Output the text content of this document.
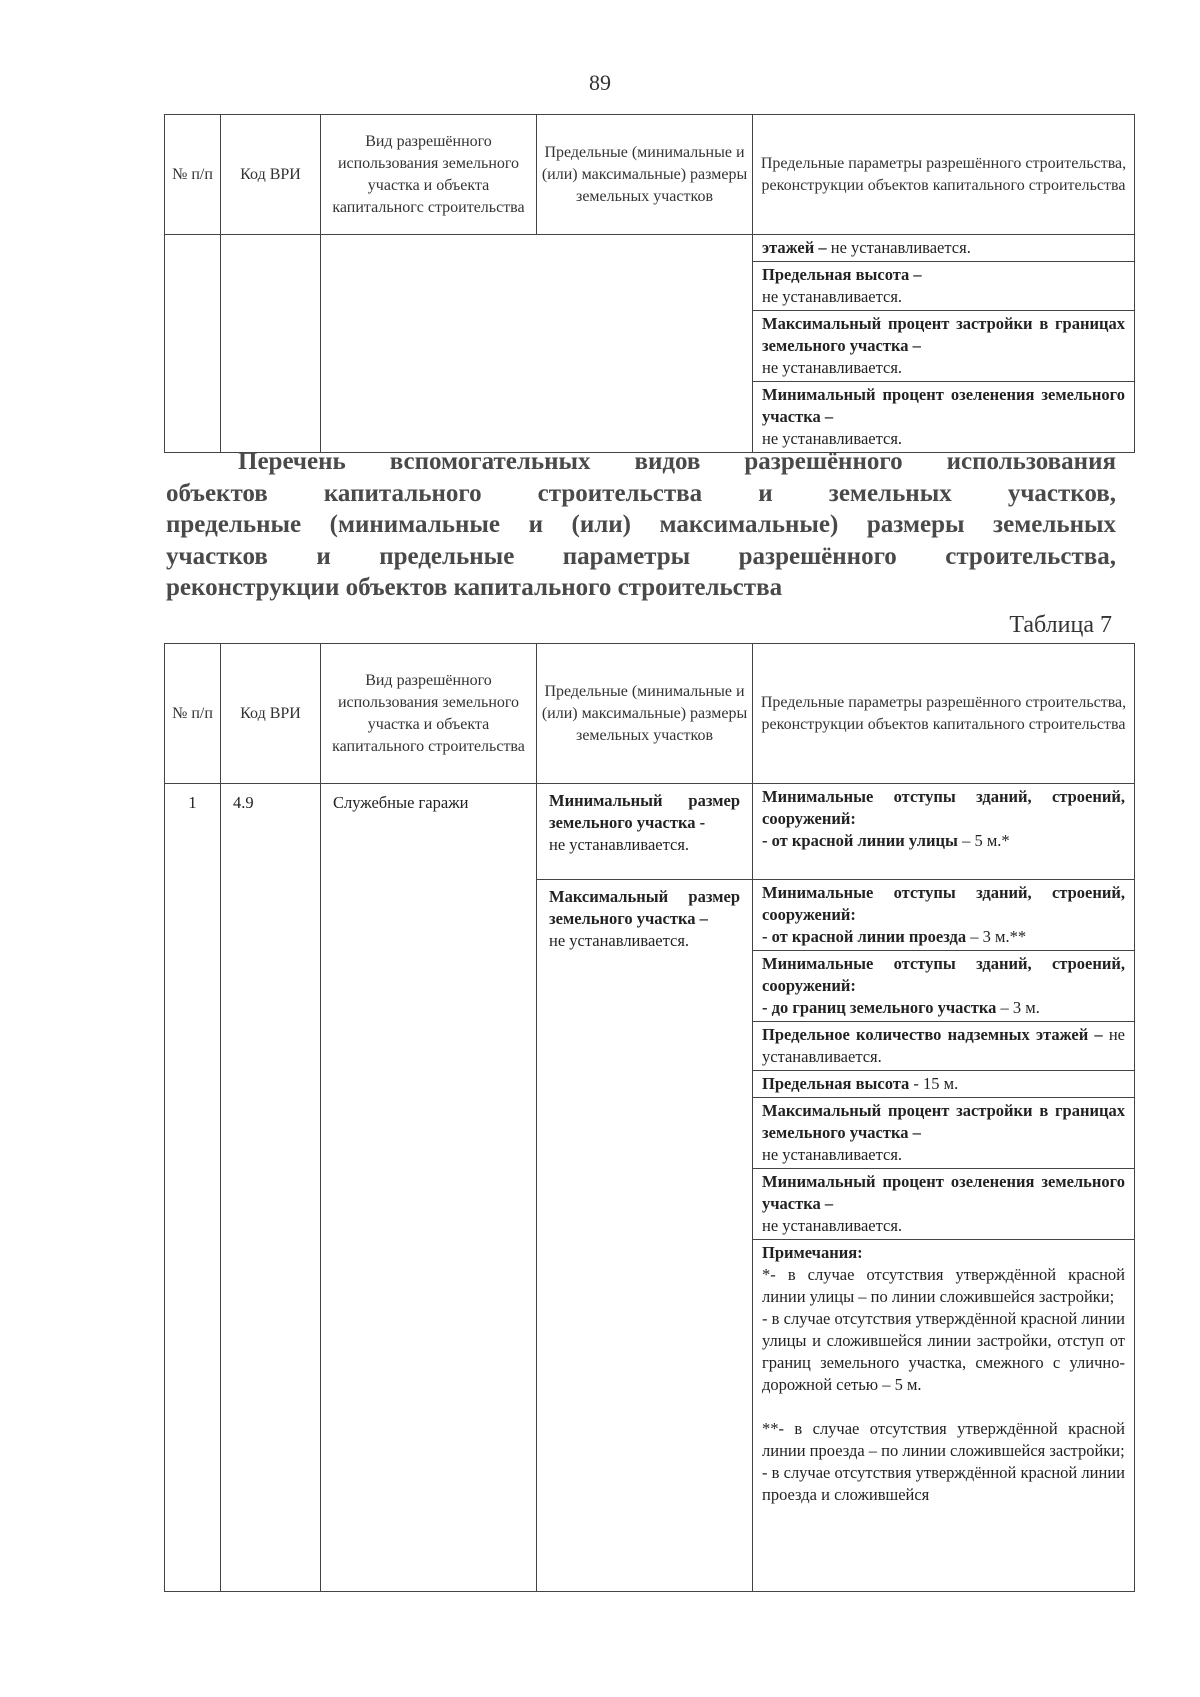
89
№ п/п	Код ВРИ	Вид разрешённого использования земельного участка и объекта капитальногс строительства	Предельные (минимальные и (или) максимальные) размеры земельных участков	Предельные параметры разрешённого строительства, реконструкции объектов капитального строительства

				этажей – не устанавливается.
				Предельная высота –
не устанавливается.
				Максимальный процент застройки в границах земельного участка –
не устанавливается.
				Минимальный процент озеленения земельного участка –
не устанавливается.
Перечень вспомогательных видов разрешённого использования
объектов капитального строительства и земельных участков,
предельные (минимальные и (или) максимальные) размеры земельных
участков и предельные параметры разрешённого строительства,
реконструкции объектов капитального строительства
Таблица 7
№ п/п	Код ВРИ	Вид разрешённого использования земельного участка и объекта капитального строительства	Предельные (минимальные и (или) максимальные) размеры земельных участков	Предельные параметры разрешённого строительства, реконструкции объектов капитального строительства

1	4.9	Служебные гаражи	Минимальный размер земельного участка -
не устанавливается.	Минимальные отступы зданий, строений, сооружений:
- от красной линии улицы – 5 м.*

			Максимальный размер земельного участка –
не устанавливается.	Минимальные отступы зданий, строений, сооружений:
- от красной линии проезда – 3 м.**

				Минимальные отступы зданий, строений, сооружений:
- до границ земельного участка – 3 м.
				Предельное количество надземных этажей – не устанавливается.
				Предельная высота - 15 м.
				Максимальный процент застройки в границах земельного участка –
не устанавливается.
				Минимальный процент озеленения земельного участка –
не устанавливается.
				Примечания:
*- в случае отсутствия утверждённой красной линии улицы – по линии сложившейся застройки;
- в случае отсутствия утверждённой красной линии улицы и сложившейся линии застройки, отступ от границ земельного участка, смежного с улично-дорожной сетью – 5 м.
**- в случае отсутствия утверждённой красной линии проезда – по линии сложившейся застройки;
- в случае отсутствия утверждённой красной линии проезда и сложившейся
